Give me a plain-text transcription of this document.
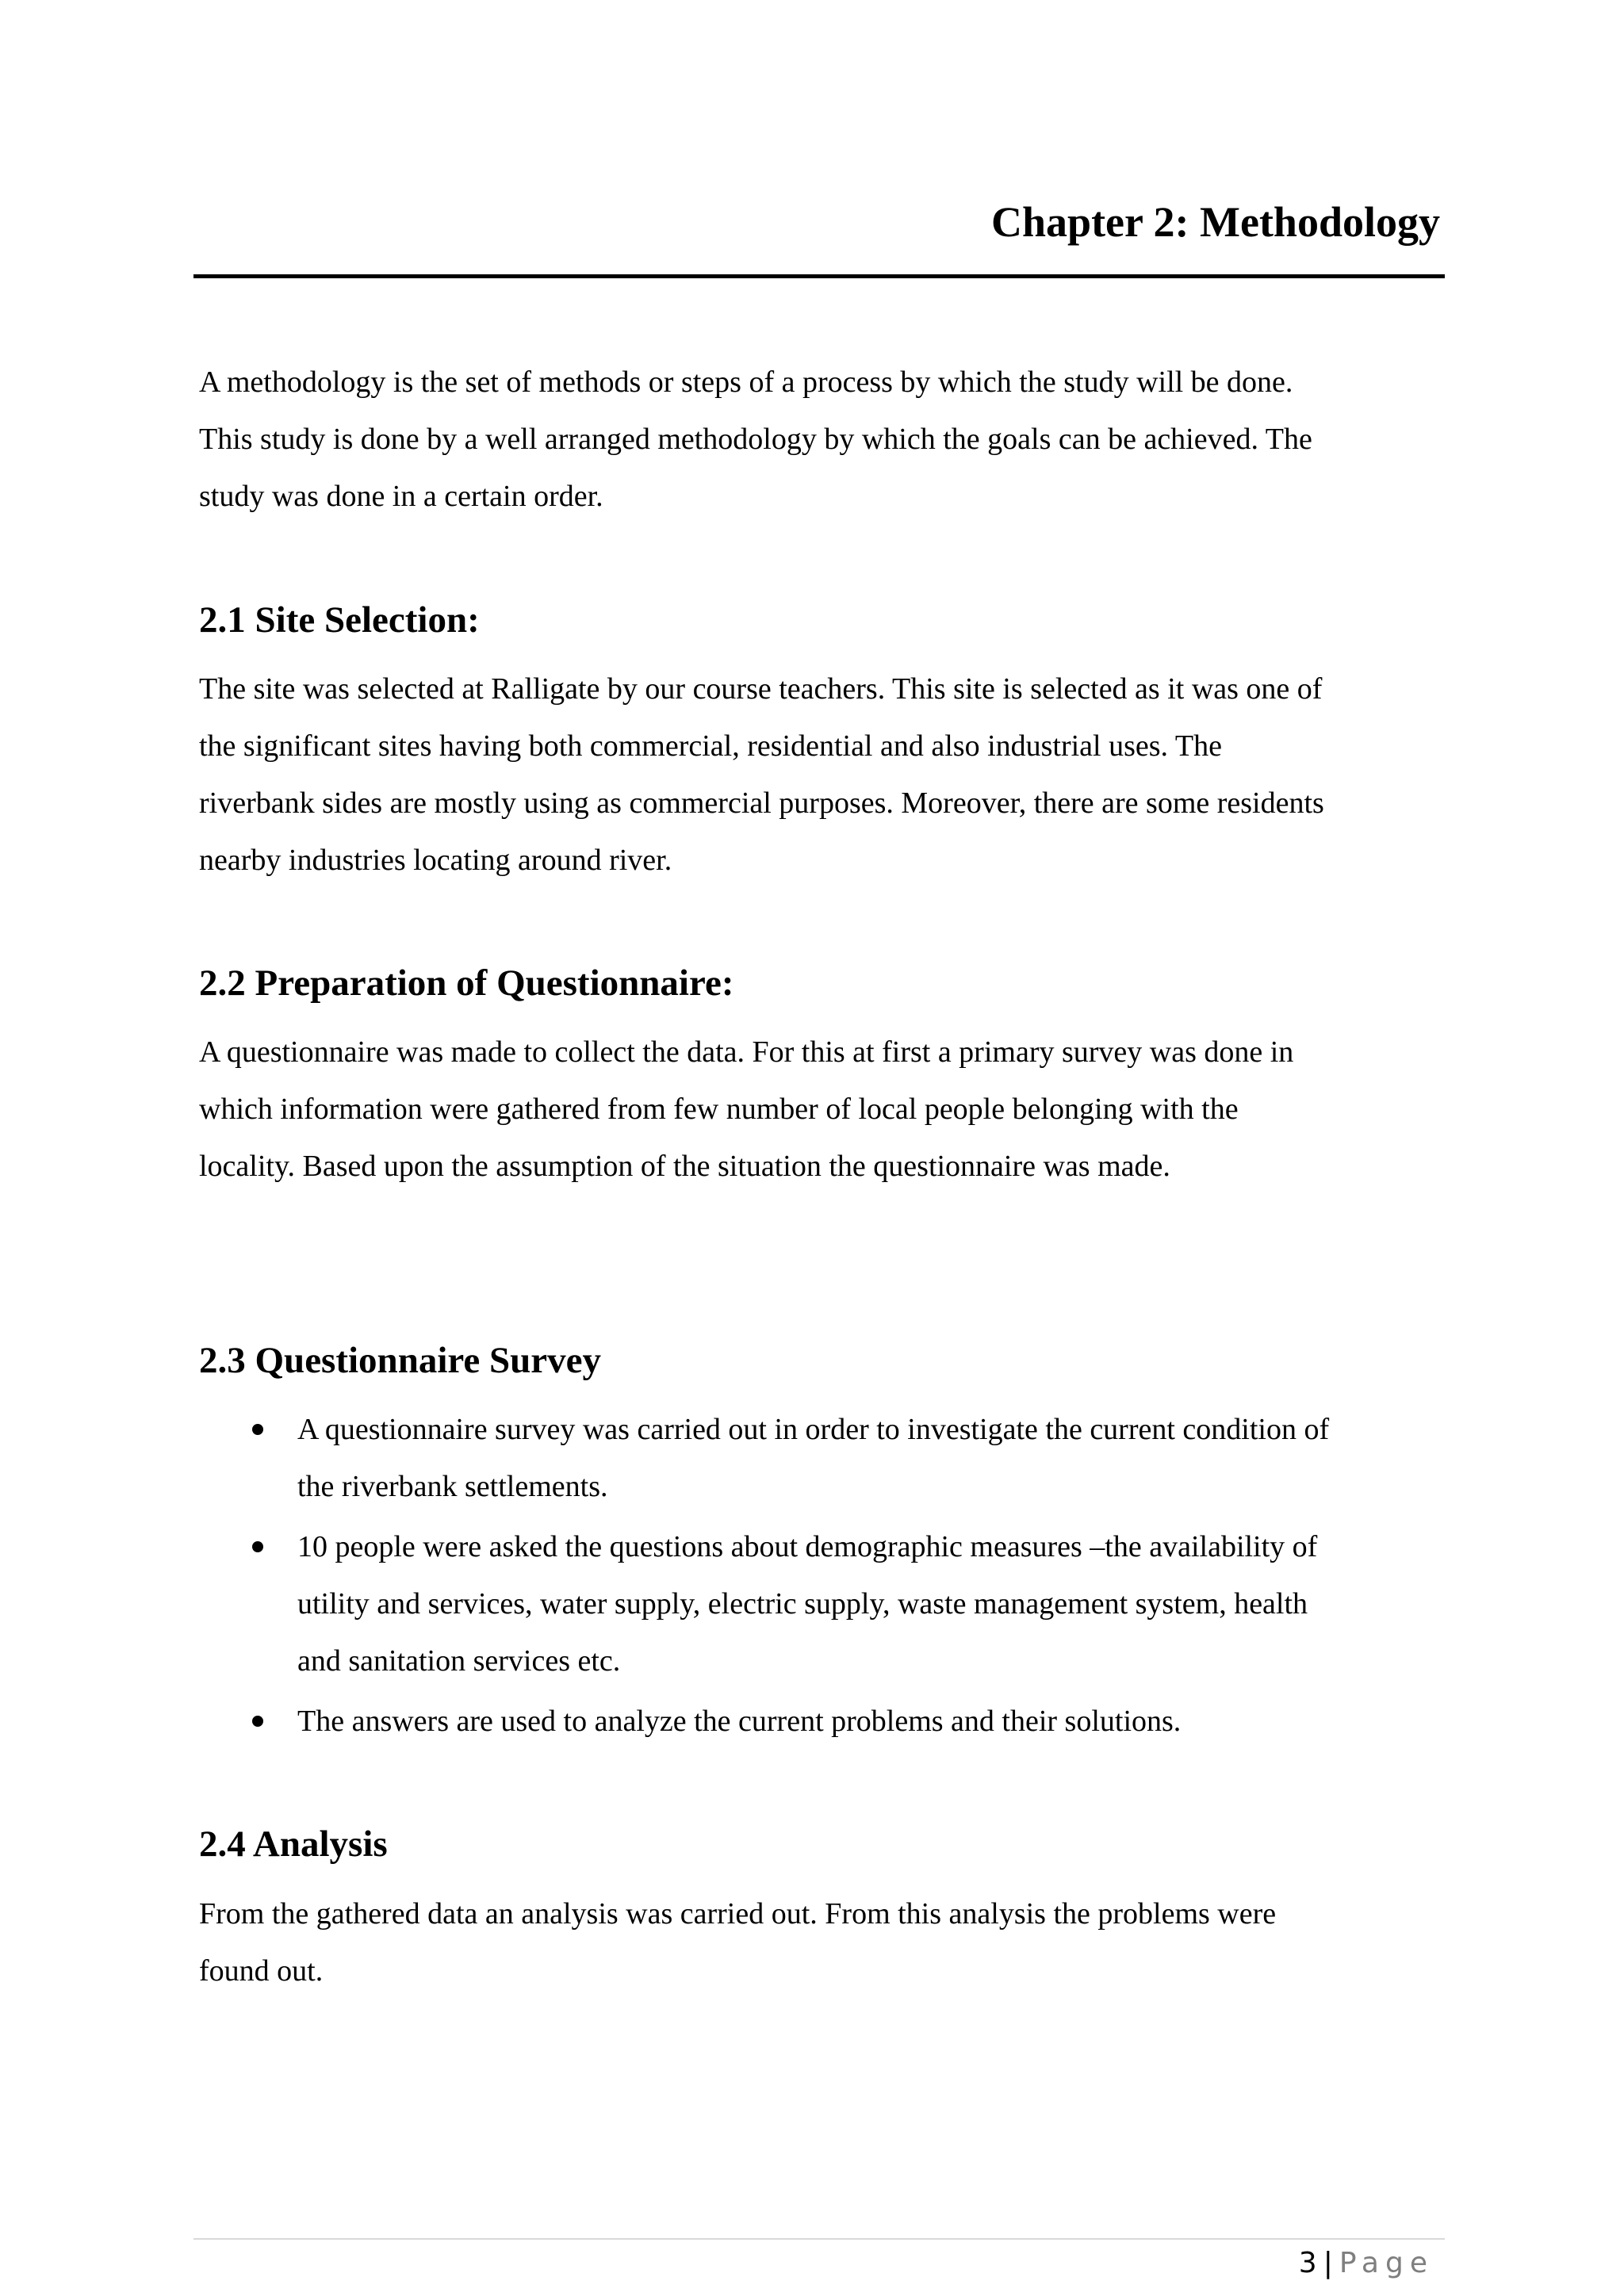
Chapter 2: Methodology
A methodology is the set of methods or steps of a process by which the study will be done.
This study is done by a well arranged methodology by which the goals can be achieved. The
study was done in a certain order.
2.1 Site Selection:
The site was selected at Ralligate by our course teachers. This site is selected as it was one of
the significant sites having both commercial, residential and also industrial uses. The
riverbank sides are mostly using as commercial purposes. Moreover, there are some residents
nearby industries locating around river.
2.2 Preparation of Questionnaire:
A questionnaire was made to collect the data. For this at first a primary survey was done in
which information were gathered from few number of local people belonging with the
locality. Based upon the assumption of the situation the questionnaire was made.
2.3 Questionnaire Survey
A questionnaire survey was carried out in order to investigate the current condition of
the riverbank settlements.
10 people were asked the questions about demographic measures –the availability of
utility and services, water supply, electric supply, waste management system, health
and sanitation services etc.
The answers are used to analyze the current problems and their solutions.
2.4 Analysis
From the gathered data an analysis was carried out. From this analysis the problems were
found out.
3 | Page
